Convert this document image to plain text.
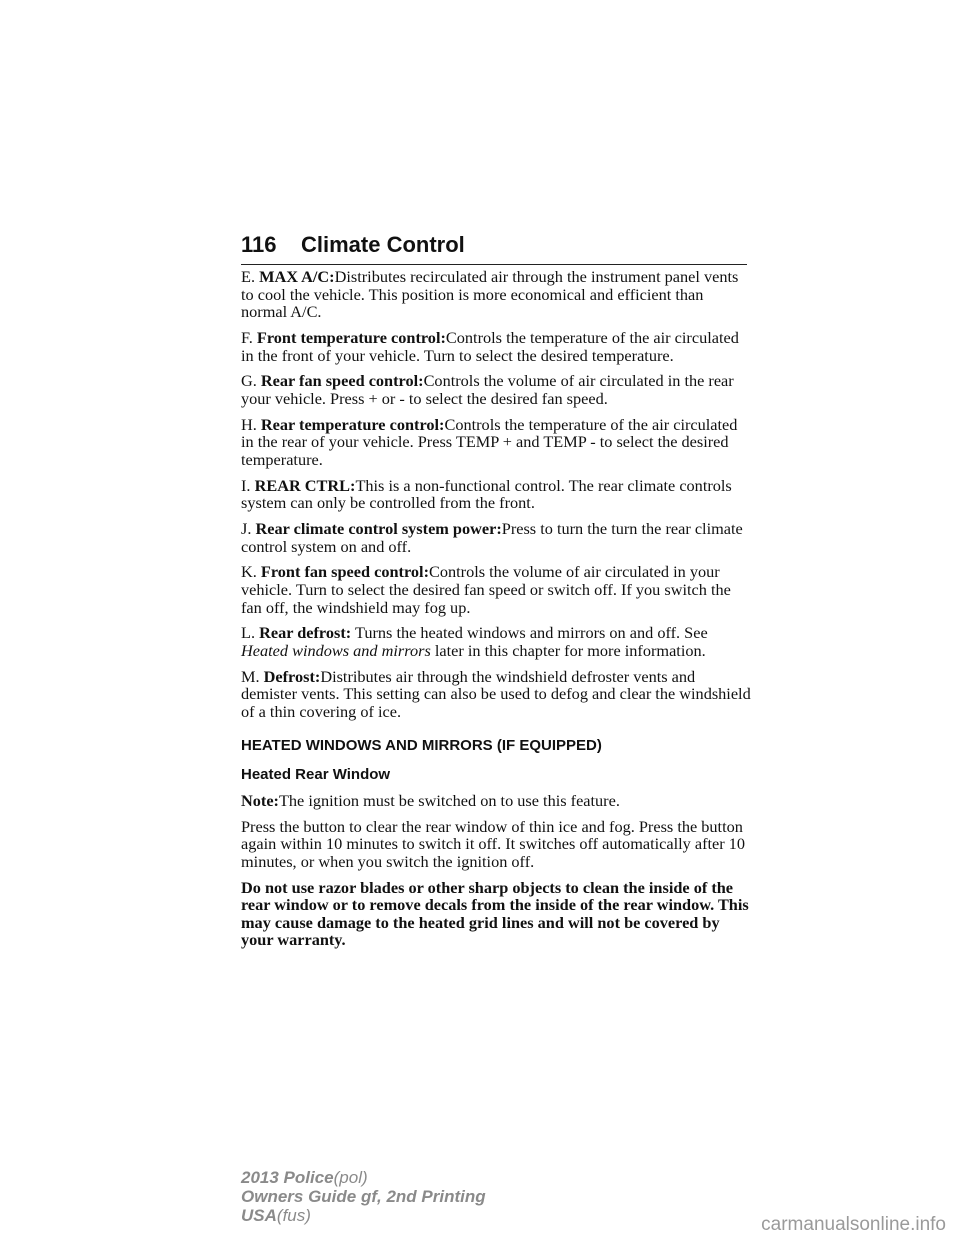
116 Climate Control

E. MAX A/C:Distributes recirculated air through the instrument panel vents to cool the vehicle. This position is more economical and efficient than normal A/C.

F. Front temperature control:Controls the temperature of the air circulated in the front of your vehicle. Turn to select the desired temperature.

G. Rear fan speed control:Controls the volume of air circulated in the rear your vehicle. Press + or - to select the desired fan speed.

H. Rear temperature control:Controls the temperature of the air circulated in the rear of your vehicle. Press TEMP + and TEMP - to select the desired temperature.

I. REAR CTRL:This is a non-functional control. The rear climate controls system can only be controlled from the front.

J. Rear climate control system power:Press to turn the turn the rear climate control system on and off.

K. Front fan speed control:Controls the volume of air circulated in your vehicle. Turn to select the desired fan speed or switch off. If you switch the fan off, the windshield may fog up.

L. Rear defrost: Turns the heated windows and mirrors on and off. See Heated windows and mirrors later in this chapter for more information.

M. Defrost:Distributes air through the windshield defroster vents and demister vents. This setting can also be used to defog and clear the windshield of a thin covering of ice.

HEATED WINDOWS AND MIRRORS (IF EQUIPPED)
Heated Rear Window

Note:The ignition must be switched on to use this feature.

Press the button to clear the rear window of thin ice and fog. Press the button again within 10 minutes to switch it off. It switches off automatically after 10 minutes, or when you switch the ignition off.

Do not use razor blades or other sharp objects to clean the inside of the rear window or to remove decals from the inside of the rear window. This may cause damage to the heated grid lines and will not be covered by your warranty.

2013 Police(pol)
Owners Guide gf, 2nd Printing
USA(fus)	carmanualsonline.info
